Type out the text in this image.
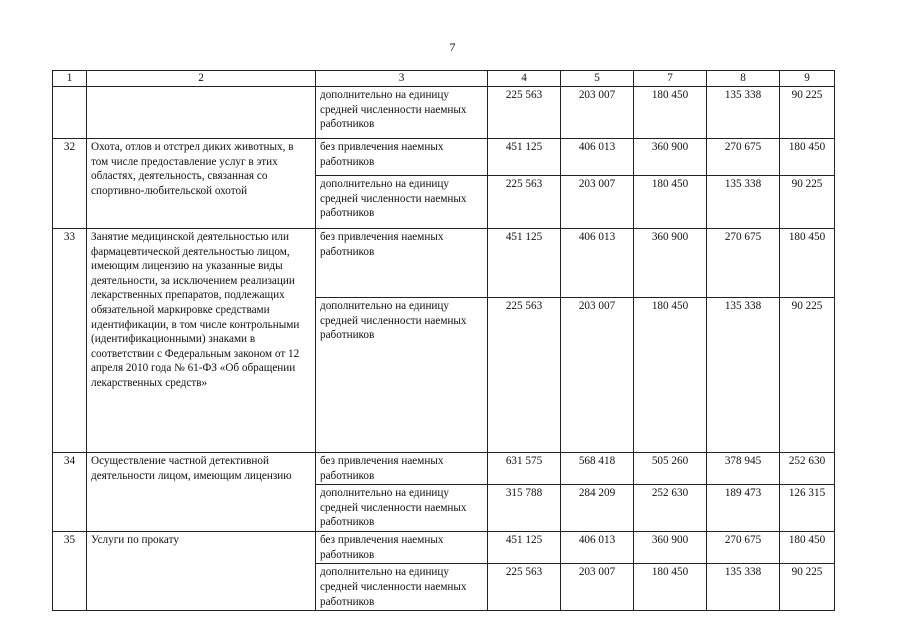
7
1	2	3	4	5	7	8	9
		дополнительно на единицу средней численности наемных работников	225 563	203 007	180 450	135 338	90 225
32	Охота, отлов и отстрел диких животных, в том числе предоставление услуг в этих областях, деятельность, связанная со спортивно-любительской охотой	без привлечения наемных работников	451 125	406 013	360 900	270 675	180 450
		дополнительно на единицу средней численности наемных работников	225 563	203 007	180 450	135 338	90 225
33	Занятие медицинской деятельностью или фармацевтической деятельностью лицом, имеющим лицензию на указанные виды деятельности, за исключением реализации лекарственных препаратов, подлежащих обязательной маркировке средствами идентификации, в том числе контрольными (идентификационными) знаками в соответствии с Федеральным законом от 12 апреля 2010 года № 61-ФЗ «Об обращении лекарственных средств»	без привлечения наемных работников	451 125	406 013	360 900	270 675	180 450
		дополнительно на единицу средней численности наемных работников	225 563	203 007	180 450	135 338	90 225
34	Осуществление частной детективной деятельности лицом, имеющим лицензию	без привлечения наемных работников	631 575	568 418	505 260	378 945	252 630
		дополнительно на единицу средней численности наемных работников	315 788	284 209	252 630	189 473	126 315
35	Услуги по прокату	без привлечения наемных работников	451 125	406 013	360 900	270 675	180 450
		дополнительно на единицу средней численности наемных работников	225 563	203 007	180 450	135 338	90 225
